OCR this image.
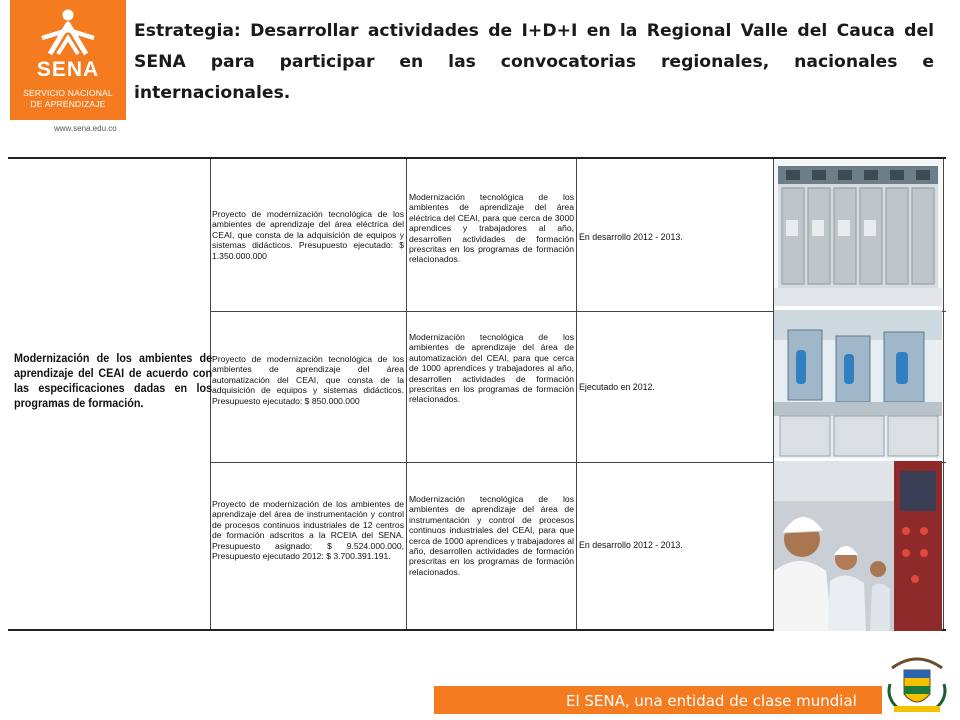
SENA
SERVICIO NACIONAL
DE APRENDIZAJE
www.sena.edu.co
Estrategia: Desarrollar actividades de I+D+I en la Regional Valle del Cauca del SENA para participar en las convocatorias regionales, nacionales e internacionales.
Modernización de los ambientes de aprendizaje del CEAI de acuerdo con las especificaciones dadas en los programas de formación.
Proyecto de modernización tecnológica de los ambientes de aprendizaje del área eléctrica del CEAI, que consta de la adquisición de equipos y sistemas didácticos. Presupuesto ejecutado: $ 1.350.000.000
Modernización tecnológica de los ambientes de aprendizaje del área eléctrica del CEAI, para que cerca de 3000 aprendices y trabajadores al año, desarrollen actividades de formación prescritas en los programas de formación relacionados.
En desarrollo 2012 - 2013.
Proyecto de modernización tecnológica de los ambientes de aprendizaje del área automatización del CEAI, que consta de la adquisición de equipos y sistemas didácticos. Presupuesto ejecutado: $ 850.000.000
Modernización tecnológica de los ambientes de aprendizaje del área de automatización del CEAI, para que cerca de 1000 aprendices y trabajadores al año, desarrollen actividades de formación prescritas en los programas de formación relacionados.
Ejecutado en 2012.
Proyecto de modernización de los ambientes de aprendizaje del área de instrumentación y control de procesos continuos industriales de 12 centros de formación adscritos a la RCEIA del SENA. Presupuesto asignado: $ 9.524.000.000, Presupuesto ejecutado 2012: $ 3.700.391.191.
Modernización tecnológica de los ambientes de aprendizaje del área de instrumentación y control de procesos continuos industriales del CEAI, para que cerca de 1000 aprendices y trabajadores al año, desarrollen actividades de formación prescritas en los programas de formación relacionados.
En desarrollo 2012 - 2013.
El SENA, una entidad de clase mundial
